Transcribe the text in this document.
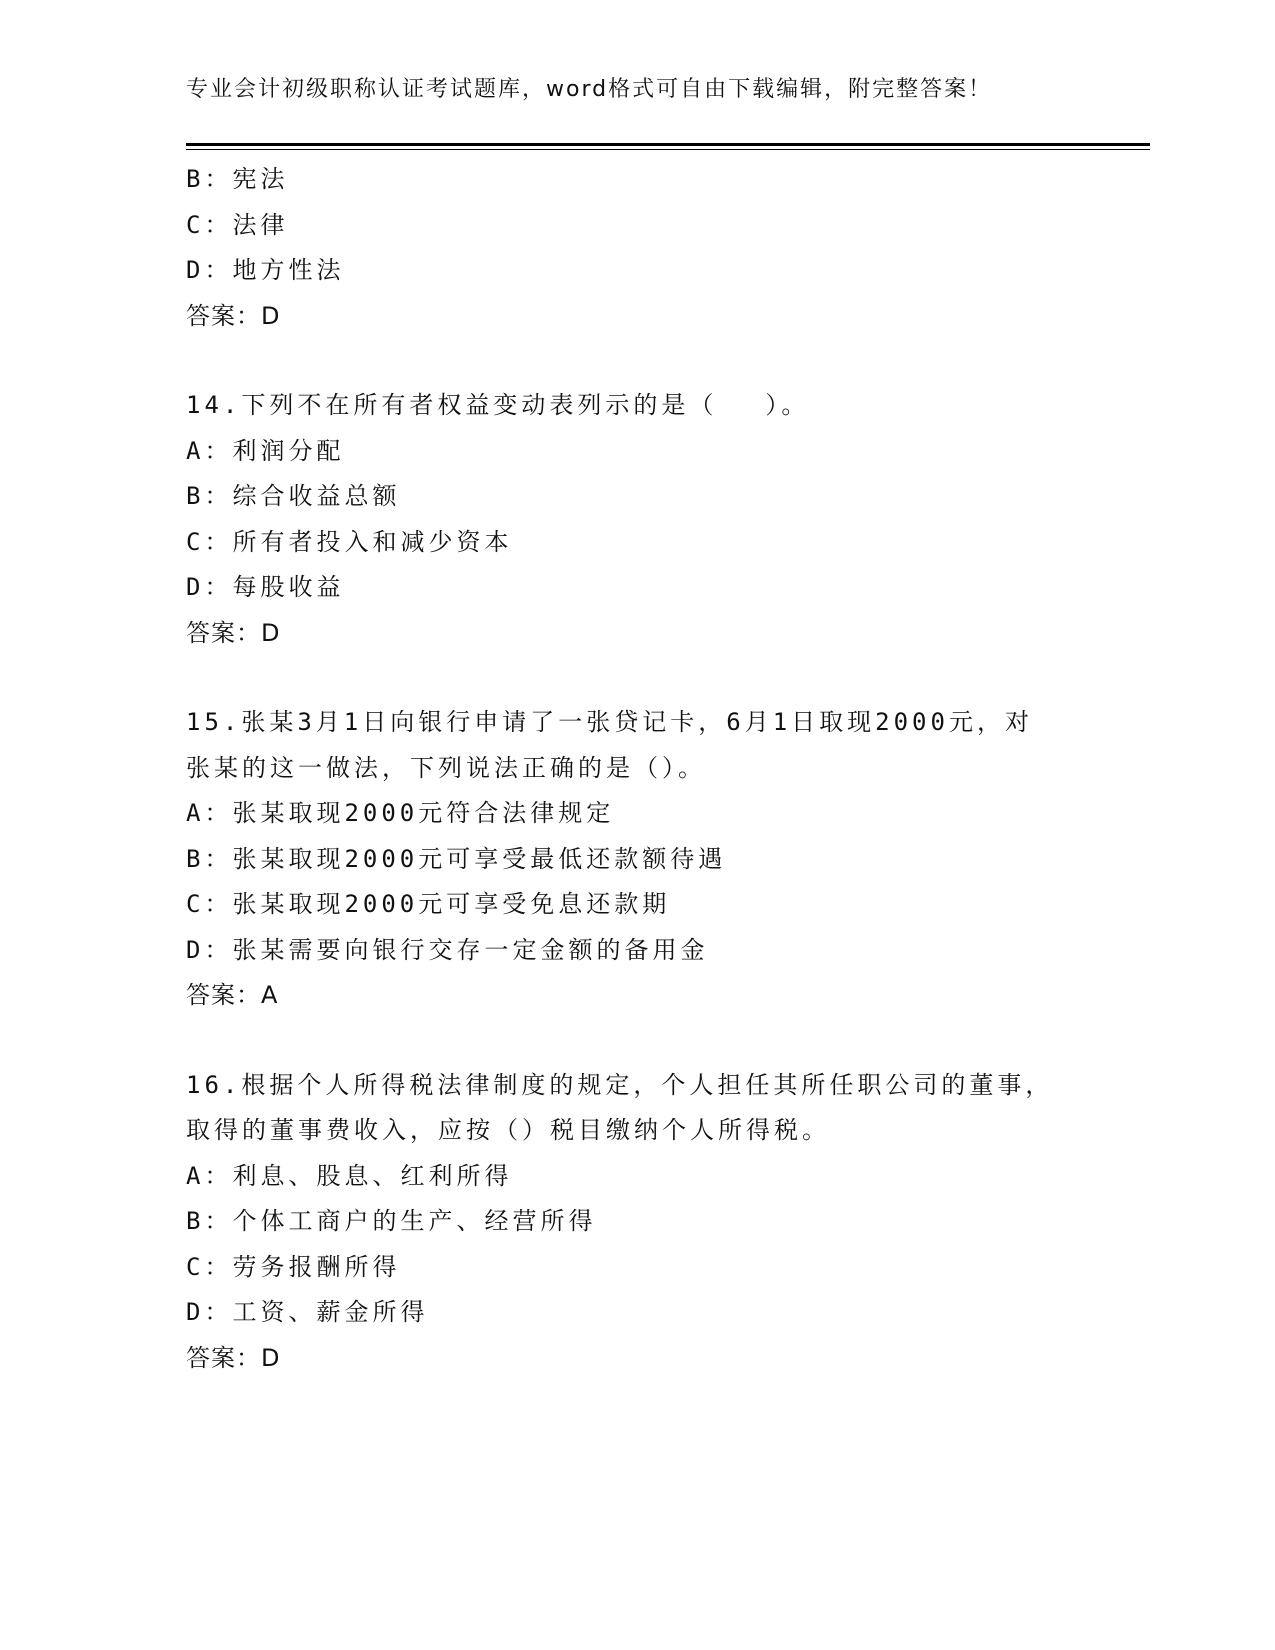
专业会计初级职称认证考试题库，word格式可自由下载编辑，附完整答案！
B：宪法
C：法律
D：地方性法
答案：D
14.下列不在所有者权益变动表列示的是（ ）。
A：利润分配
B：综合收益总额
C：所有者投入和减少资本
D：每股收益
答案：D
15.张某3月1日向银行申请了一张贷记卡，6月1日取现2000元，对
张某的这一做法，下列说法正确的是（）。
A：张某取现2000元符合法律规定
B：张某取现2000元可享受最低还款额待遇
C：张某取现2000元可享受免息还款期
D：张某需要向银行交存一定金额的备用金
答案：A
16.根据个人所得税法律制度的规定，个人担任其所任职公司的董事，
取得的董事费收入，应按（）税目缴纳个人所得税。
A：利息、股息、红利所得
B：个体工商户的生产、经营所得
C：劳务报酬所得
D：工资、薪金所得
答案：D
